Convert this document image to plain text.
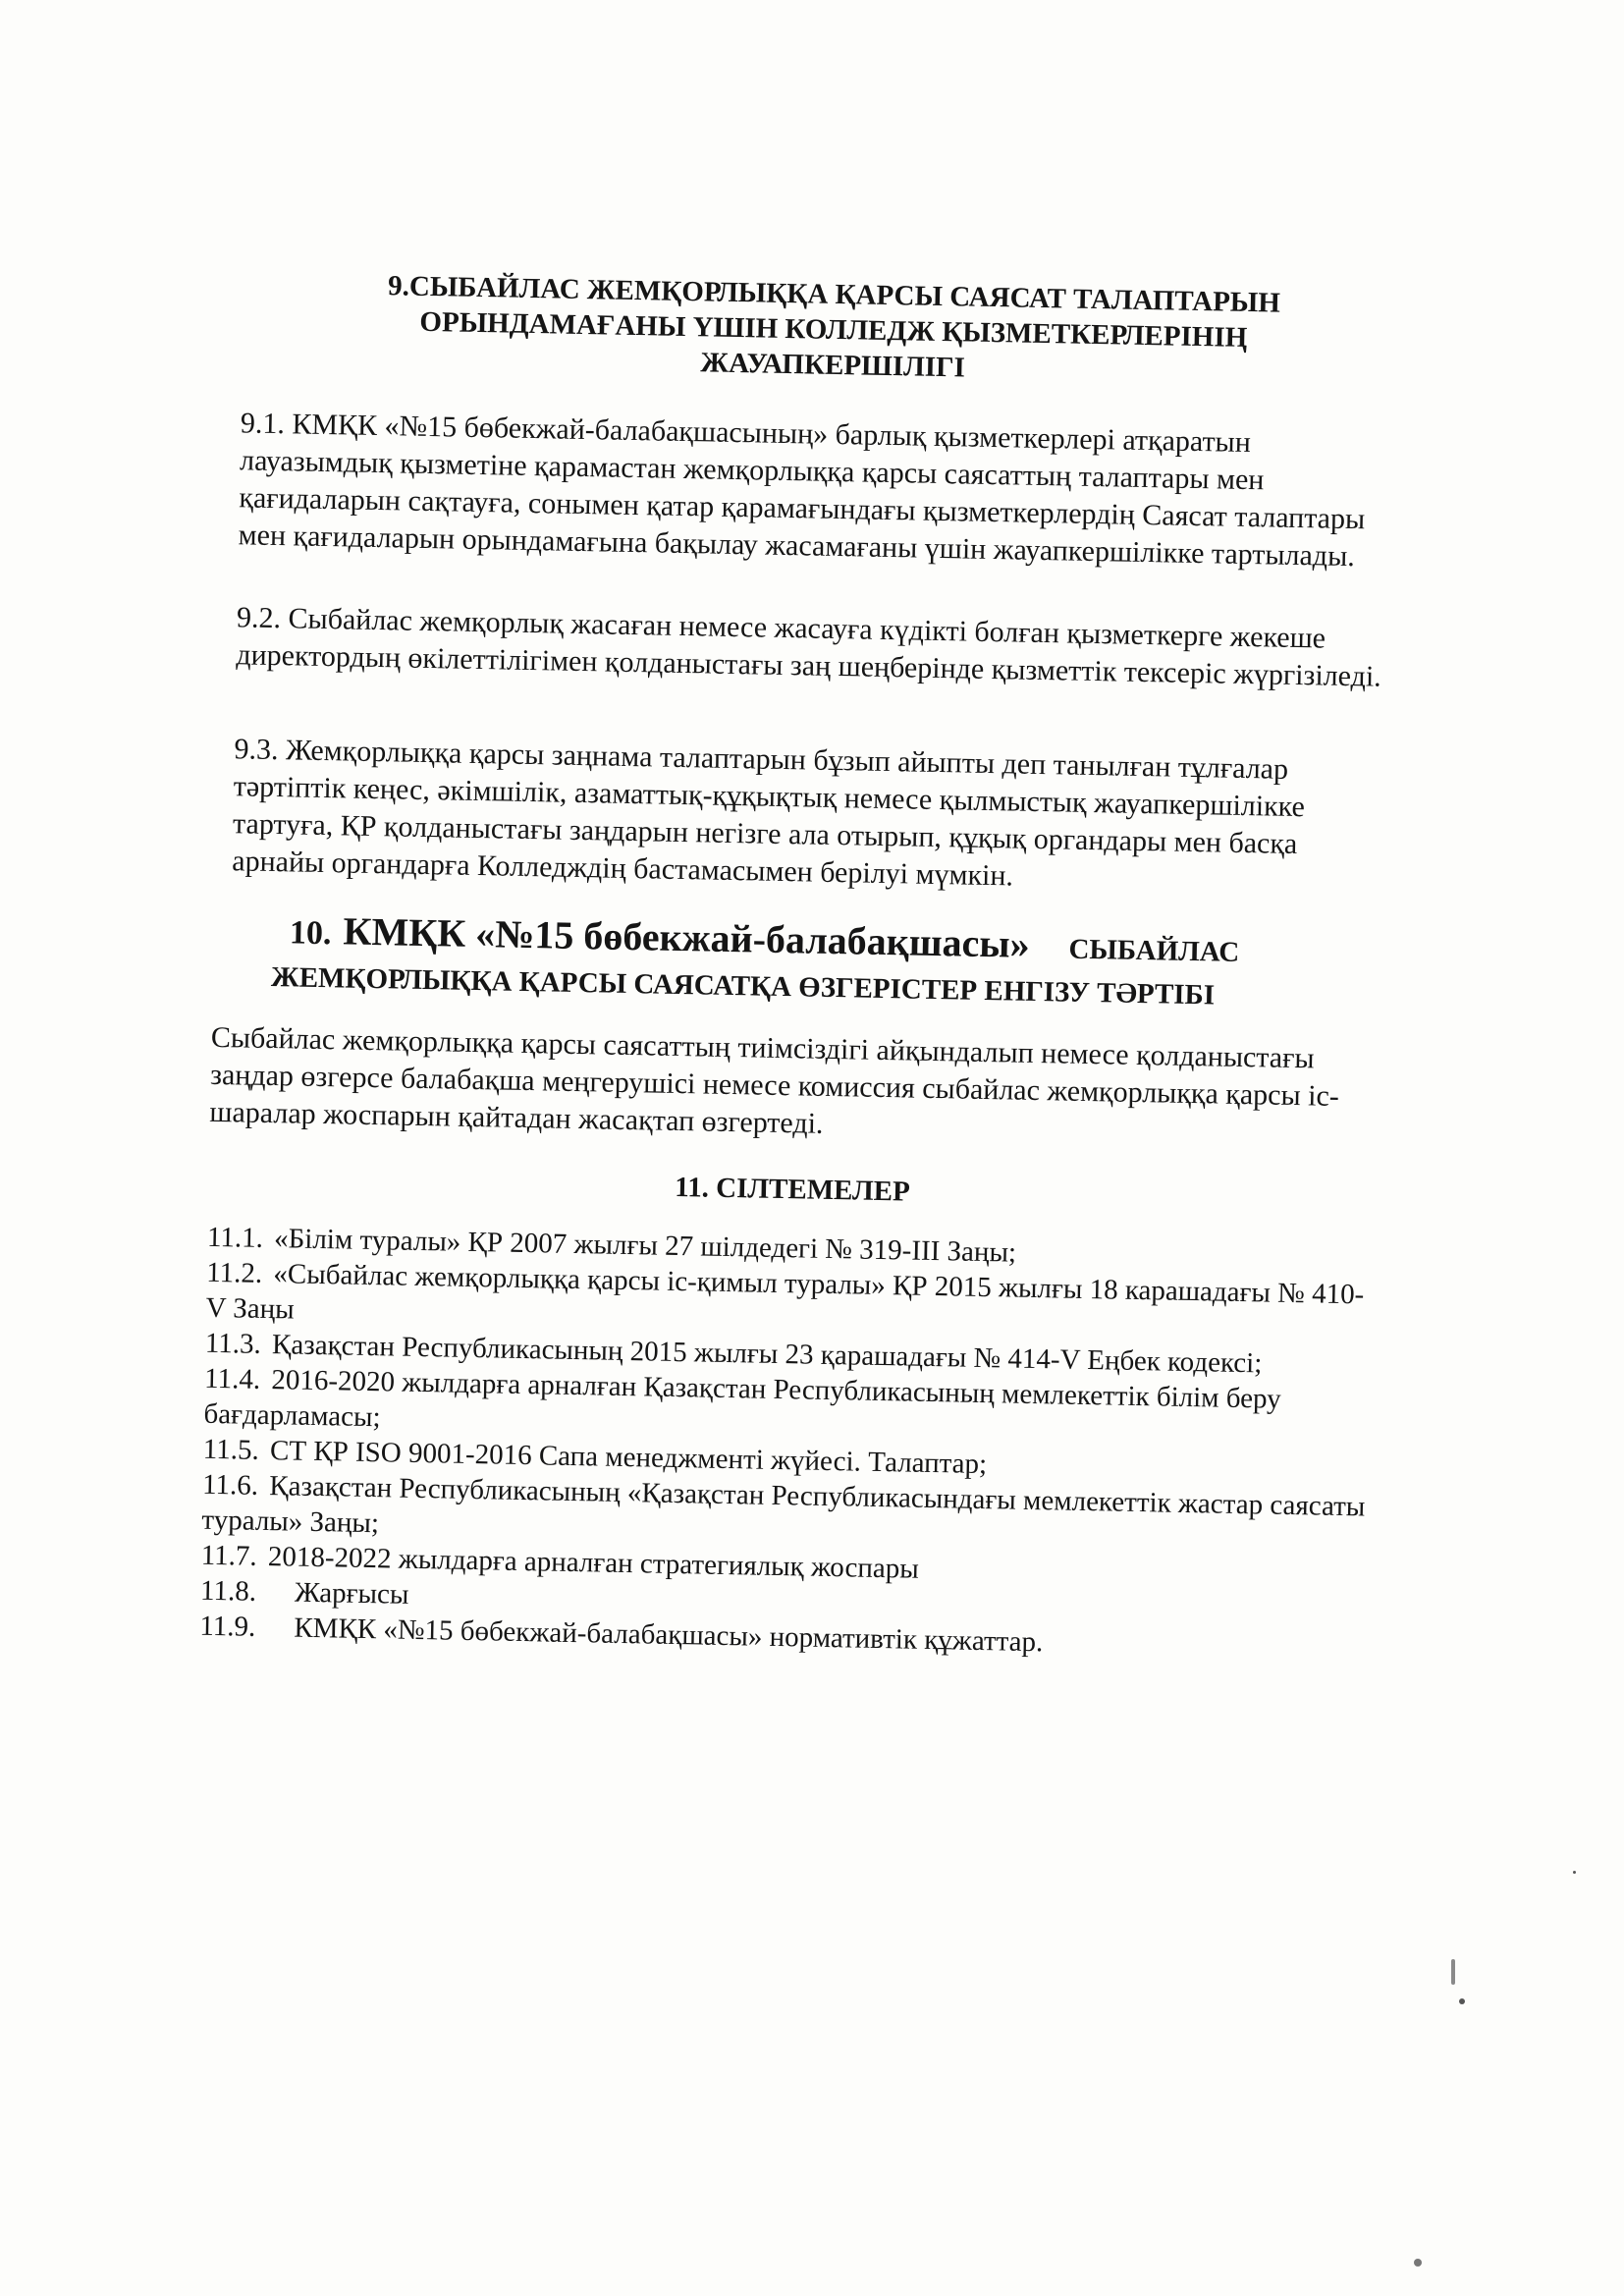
9.СЫБАЙЛАС ЖЕМҚОРЛЫҚҚА ҚАРСЫ САЯСАТ ТАЛАПТАРЫН
ОРЫНДАМАҒАНЫ ҮШІН КОЛЛЕДЖ ҚЫЗМЕТКЕРЛЕРІНІҢ
ЖАУАПКЕРШІЛІГІ

9.1. КМҚК «№15 бөбекжай-балабақшасының» барлық қызметкерлері атқаратын лауазымдық қызметіне қарамастан жемқорлыққа қарсы саясаттың талаптары мен қағидаларын сақтауға, сонымен қатар қарамағындағы қызметкерлердің Саясат талаптары мен қағидаларын орындамағына бақылау жасамағаны үшін жауапкершілікке тартылады.

9.2. Сыбайлас жемқорлық жасаған немесе жасауға күдікті болған қызметкерге жекеше директордың өкілеттілігімен қолданыстағы заң шеңберінде қызметтік тексеріс жүргізіледі.

9.3. Жемқорлыққа қарсы заңнама талаптарын бұзып айыпты деп танылған тұлғалар тәртіптік кеңес, әкімшілік, азаматтық-құқықтық немесе қылмыстық жауапкершілікке тартуға, ҚР қолданыстағы заңдарын негізге ала отырып, құқық органдары мен басқа арнайы органдарға Колледждің бастамасымен берілуі мүмкін.

10. КМҚК «№15 бөбекжай-балабақшасы» СЫБАЙЛАС
ЖЕМҚОРЛЫҚҚА ҚАРСЫ САЯСАТҚА ӨЗГЕРІСТЕР ЕНГІЗУ ТӘРТІБІ

Сыбайлас жемқорлыққа қарсы саясаттың тиімсіздігі айқындалып немесе қолданыстағы заңдар өзгерсе балабақша меңгерушісі немесе комиссия сыбайлас жемқорлыққа қарсы іс-шаралар жоспарын қайтадан жасақтап өзгертеді.

11. СІЛТЕМЕЛЕР
11.1. «Білім туралы» ҚР 2007 жылғы 27 шілдедегі № 319-III Заңы;
11.2. «Сыбайлас жемқорлыққа қарсы іс-қимыл туралы» ҚР 2015 жылғы 18 карашадағы № 410-V Заңы
11.3. Қазақстан Республикасының 2015 жылғы 23 қарашадағы № 414-V Еңбек кодексі;
11.4. 2016-2020 жылдарға арналған Қазақстан Республикасының мемлекеттік білім беру бағдарламасы;
11.5. СТ ҚР ISO 9001-2016 Сапа менеджменті жүйесі. Талаптар;
11.6. Қазақстан Республикасының «Қазақстан Республикасындағы мемлекеттік жастар саясаты туралы» Заңы;
11.7. 2018-2022 жылдарға арналған стратегиялық жоспары
11.8. Жарғысы
11.9. КМҚК «№15 бөбекжай-балабақшасы» нормативтік құжаттар.
